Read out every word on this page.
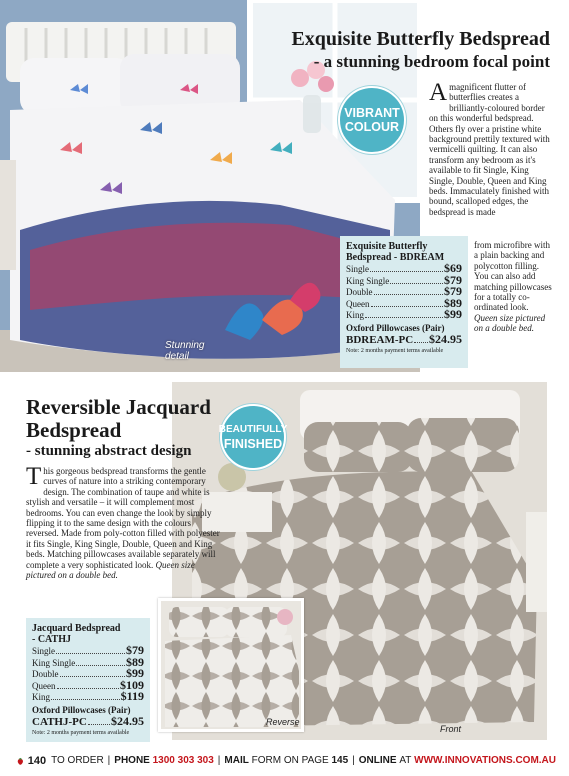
VIBRANT
COLOUR
Exquisite Butterfly Bedspread
- a stunning bedroom focal point
A magnificent flutter of butterflies creates a brilliantly-coloured border on this wonderful bedspread. Others fly over a pristine white background prettily textured with vermicelli quilting. It can also transform any bedroom as it's available to fit Single, King Single, Double, Queen and King beds. Immaculately finished with bound, scalloped edges, the bedspread is made
from microfibre with a plain backing and polycotton filling. You can also add matching pillowcases for a totally co-ordinated look. Queen size pictured on a double bed.
Exquisite Butterfly
Bedspread - BDREAM
Single	$69
King Single	$79
Double	$79
Queen	$89
King	$99
Oxford Pillowcases (Pair)
BDREAM-PC $24.95
Note: 2 months payment terms available
Stunning detail
BEAUTIFULLY
FINISHED
Reversible Jacquard Bedspread
- stunning abstract design
T his gorgeous bedspread transforms the gentle curves of nature into a striking contemporary design. The combination of taupe and white is stylish and versatile – it will complement most bedrooms. You can even change the look by simply flipping it to the same design with the colours reversed. Made from poly-cotton filled with polyester it fits Single, King Single, Double, Queen and King beds. Matching pillowcases available separately will complete a very sophisticated look. Queen size pictured on a double bed.
Jacquard Bedspread
- CATHJ
Single	$79
King Single	$89
Double	$99
Queen	$109
King	$119
Oxford Pillowcases (Pair)
CATHJ-PC $24.95
Note: 2 months payment terms available
Reverse
Front
140 TO ORDER | PHONE
1300 303 303 | MAIL
FORM ON PAGE
145 | ONLINE
AT
WWW.INNOVATIONS.COM.AU
